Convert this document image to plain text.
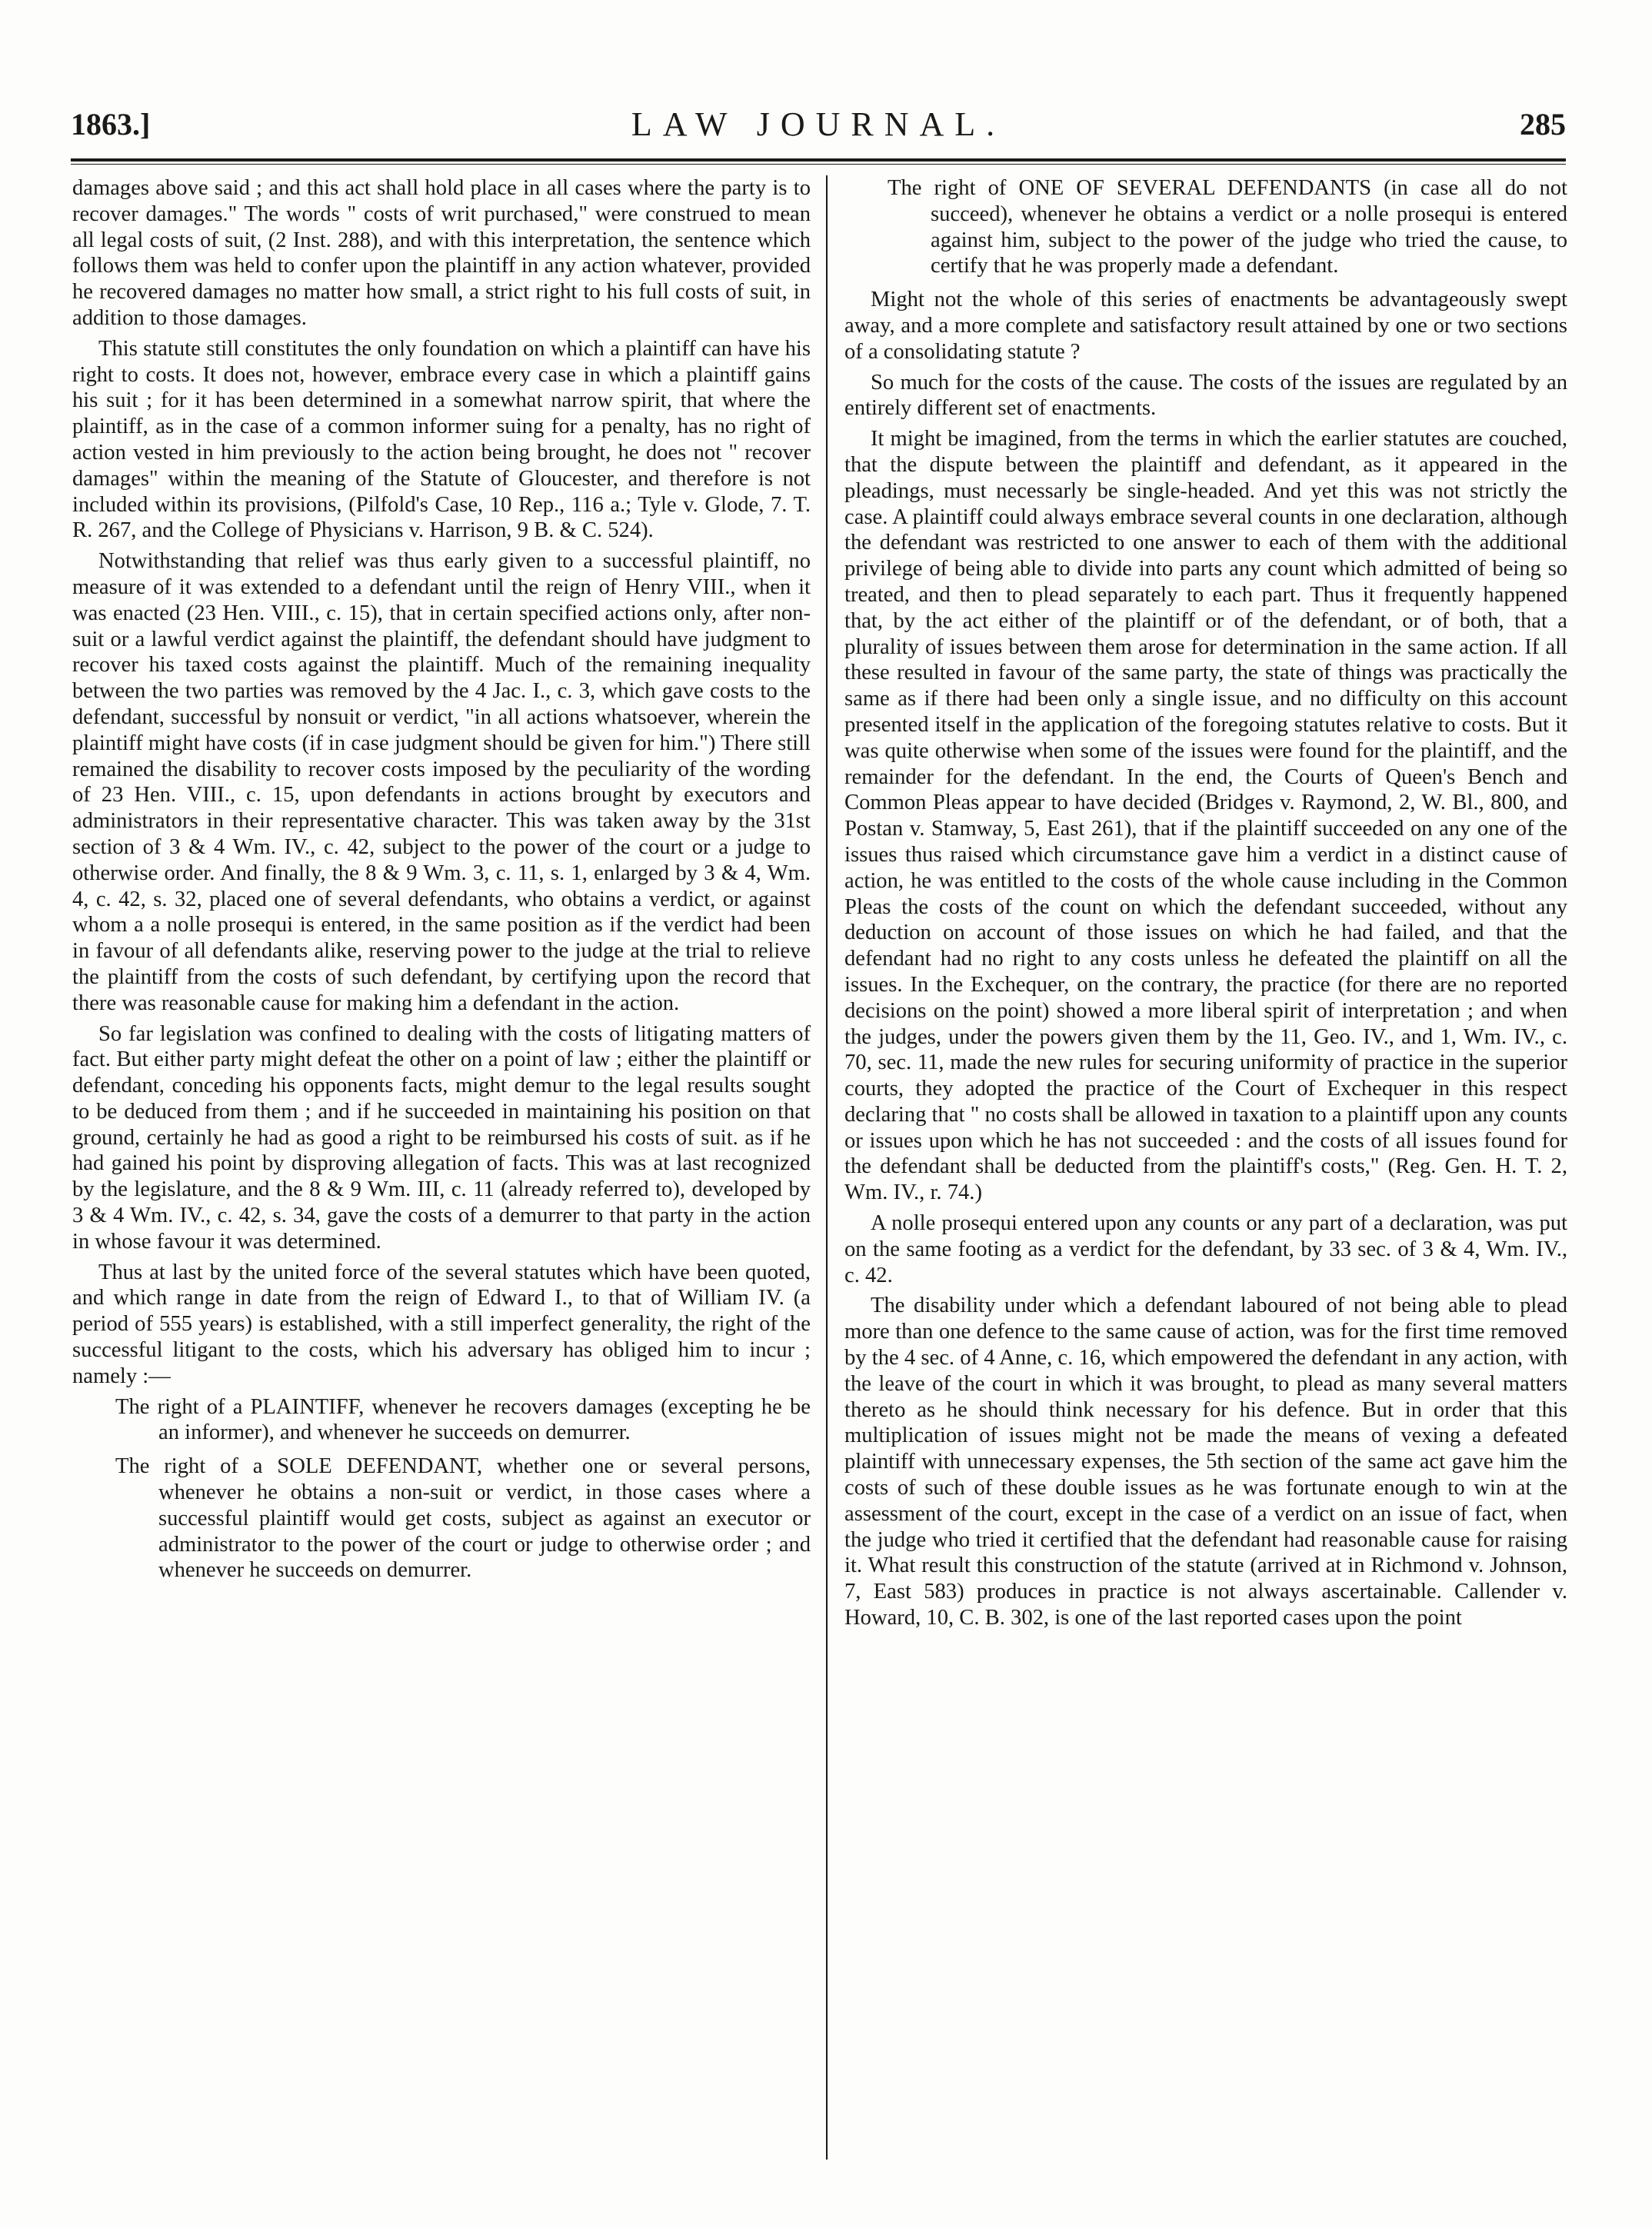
1863.]	LAW JOURNAL.	285

damages above said ; and this act shall hold place in all cases where the party is to recover damages." The words " costs of writ purchased," were construed to mean all legal costs of suit, (2 Inst. 288), and with this interpretation, the sentence which follows them was held to confer upon the plaintiff in any action whatever, provided he recovered damages no matter how small, a strict right to his full costs of suit, in addition to those damages.

This statute still constitutes the only foundation on which a plaintiff can have his right to costs. It does not, however, embrace every case in which a plaintiff gains his suit ; for it has been determined in a somewhat narrow spirit, that where the plaintiff, as in the case of a common informer suing for a penalty, has no right of action vested in him previously to the action being brought, he does not " recover damages" within the meaning of the Statute of Gloucester, and therefore is not included within its provisions, (Pilfold's Case, 10 Rep., 116 a.; Tyle v. Glode, 7. T. R. 267, and the College of Physicians v. Harrison, 9 B. & C. 524).

Notwithstanding that relief was thus early given to a successful plaintiff, no measure of it was extended to a defendant until the reign of Henry VIII., when it was enacted (23 Hen. VIII., c. 15), that in certain specified actions only, after non-suit or a lawful verdict against the plaintiff, the defendant should have judgment to recover his taxed costs against the plaintiff. Much of the remaining inequality between the two parties was removed by the 4 Jac. I., c. 3, which gave costs to the defendant, successful by nonsuit or verdict, "in all actions whatsoever, wherein the plaintiff might have costs (if in case judgment should be given for him.") There still remained the disability to recover costs imposed by the peculiarity of the wording of 23 Hen. VIII., c. 15, upon defendants in actions brought by executors and administrators in their representative character. This was taken away by the 31st section of 3 & 4 Wm. IV., c. 42, subject to the power of the court or a judge to otherwise order. And finally, the 8 & 9 Wm. 3, c. 11, s. 1, enlarged by 3 & 4, Wm. 4, c. 42, s. 32, placed one of several defendants, who obtains a verdict, or against whom a a nolle prosequi is entered, in the same position as if the verdict had been in favour of all defendants alike, reserving power to the judge at the trial to relieve the plaintiff from the costs of such defendant, by certifying upon the record that there was reasonable cause for making him a defendant in the action.

So far legislation was confined to dealing with the costs of litigating matters of fact. But either party might defeat the other on a point of law ; either the plaintiff or defendant, conceding his opponents facts, might demur to the legal results sought to be deduced from them ; and if he succeeded in maintaining his position on that ground, certainly he had as good a right to be reimbursed his costs of suit. as if he had gained his point by disproving allegation of facts. This was at last recognized by the legislature, and the 8 & 9 Wm. III, c. 11 (already referred to), developed by 3 & 4 Wm. IV., c. 42, s. 34, gave the costs of a demurrer to that party in the action in whose favour it was determined.

Thus at last by the united force of the several statutes which have been quoted, and which range in date from the reign of Edward I., to that of William IV. (a period of 555 years) is established, with a still imperfect generality, the right of the successful litigant to the costs, which his adversary has obliged him to incur ; namely :—

The right of a PLAINTIFF, whenever he recovers damages (excepting he be an informer), and whenever he succeeds on demurrer.

The right of a SOLE DEFENDANT, whether one or several persons, whenever he obtains a non-suit or verdict, in those cases where a successful plaintiff would get costs, subject as against an executor or administrator to the power of the court or judge to otherwise order ; and whenever he succeeds on demurrer.

The right of ONE OF SEVERAL DEFENDANTS (in case all do not succeed), whenever he obtains a verdict or a nolle prosequi is entered against him, subject to the power of the judge who tried the cause, to certify that he was properly made a defendant.

Might not the whole of this series of enactments be advantageously swept away, and a more complete and satisfactory result attained by one or two sections of a consolidating statute ?

So much for the costs of the cause. The costs of the issues are regulated by an entirely different set of enactments.

It might be imagined, from the terms in which the earlier statutes are couched, that the dispute between the plaintiff and defendant, as it appeared in the pleadings, must necessarly be single-headed. And yet this was not strictly the case. A plaintiff could always embrace several counts in one declaration, although the defendant was restricted to one answer to each of them with the additional privilege of being able to divide into parts any count which admitted of being so treated, and then to plead separately to each part. Thus it frequently happened that, by the act either of the plaintiff or of the defendant, or of both, that a plurality of issues between them arose for determination in the same action. If all these resulted in favour of the same party, the state of things was practically the same as if there had been only a single issue, and no difficulty on this account presented itself in the application of the foregoing statutes relative to costs. But it was quite otherwise when some of the issues were found for the plaintiff, and the remainder for the defendant. In the end, the Courts of Queen's Bench and Common Pleas appear to have decided (Bridges v. Raymond, 2, W. Bl., 800, and Postan v. Stamway, 5, East 261), that if the plaintiff succeeded on any one of the issues thus raised which circumstance gave him a verdict in a distinct cause of action, he was entitled to the costs of the whole cause including in the Common Pleas the costs of the count on which the defendant succeeded, without any deduction on account of those issues on which he had failed, and that the defendant had no right to any costs unless he defeated the plaintiff on all the issues. In the Exchequer, on the contrary, the practice (for there are no reported decisions on the point) showed a more liberal spirit of interpretation ; and when the judges, under the powers given them by the 11, Geo. IV., and 1, Wm. IV., c. 70, sec. 11, made the new rules for securing uniformity of practice in the superior courts, they adopted the practice of the Court of Exchequer in this respect declaring that " no costs shall be allowed in taxation to a plaintiff upon any counts or issues upon which he has not succeeded : and the costs of all issues found for the defendant shall be deducted from the plaintiff's costs," (Reg. Gen. H. T. 2, Wm. IV., r. 74.)

A nolle prosequi entered upon any counts or any part of a declaration, was put on the same footing as a verdict for the defendant, by 33 sec. of 3 & 4, Wm. IV., c. 42.

The disability under which a defendant laboured of not being able to plead more than one defence to the same cause of action, was for the first time removed by the 4 sec. of 4 Anne, c. 16, which empowered the defendant in any action, with the leave of the court in which it was brought, to plead as many several matters thereto as he should think necessary for his defence. But in order that this multiplication of issues might not be made the means of vexing a defeated plaintiff with unnecessary expenses, the 5th section of the same act gave him the costs of such of these double issues as he was fortunate enough to win at the assessment of the court, except in the case of a verdict on an issue of fact, when the judge who tried it certified that the defendant had reasonable cause for raising it. What result this construction of the statute (arrived at in Richmond v. Johnson, 7, East 583) produces in practice is not always ascertainable. Callender v. Howard, 10, C. B. 302, is one of the last reported cases upon the point
